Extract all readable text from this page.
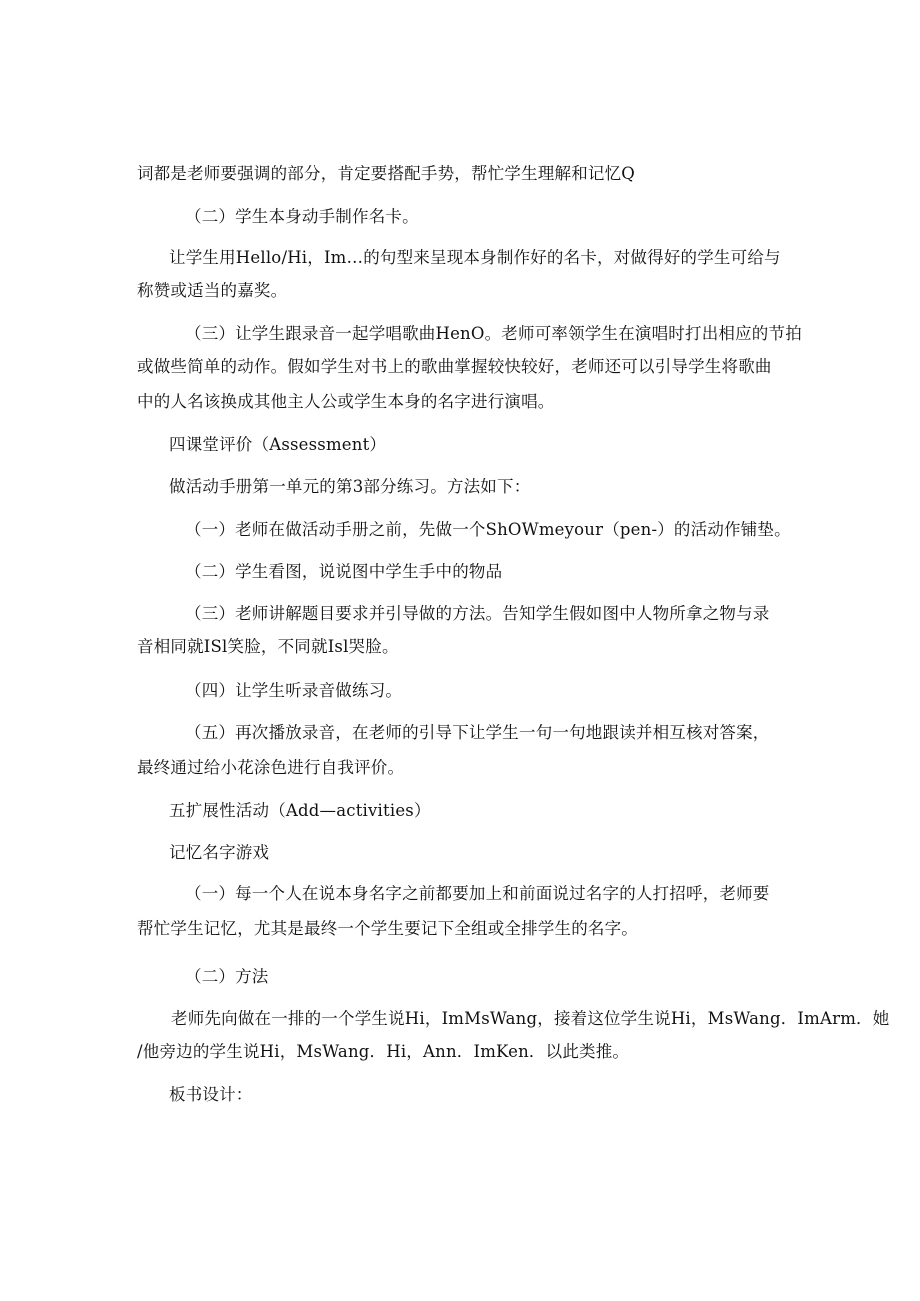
词都是老师要强调的部分，肯定要搭配手势，帮忙学生理解和记忆Q
（二）学生本身动手制作名卡。
让学生用Hello/Hi，Im…的句型来呈现本身制作好的名卡，对做得好的学生可给与
称赞或适当的嘉奖。
（三）让学生跟录音一起学唱歌曲HenO。老师可率领学生在演唱时打出相应的节拍
或做些简单的动作。假如学生对书上的歌曲掌握较快较好，老师还可以引导学生将歌曲
中的人名该换成其他主人公或学生本身的名字进行演唱。
四课堂评价（Assessment）
做活动手册第一单元的第3部分练习。方法如下：
（一）老师在做活动手册之前，先做一个ShOWmeyour（pen-）的活动作铺垫。
（二）学生看图，说说图中学生手中的物品
（三）老师讲解题目要求并引导做的方法。告知学生假如图中人物所拿之物与录
音相同就ISl笑脸，不同就Isl哭脸。
（四）让学生听录音做练习。
（五）再次播放录音，在老师的引导下让学生一句一句地跟读并相互核对答案，
最终通过给小花涂色进行自我评价。
五扩展性活动（Add—activities）
记忆名字游戏
（一）每一个人在说本身名字之前都要加上和前面说过名字的人打招呼，老师要
帮忙学生记忆，尤其是最终一个学生要记下全组或全排学生的名字。
（二）方法
老师先向做在一排的一个学生说Hi，ImMsWang，接着这位学生说Hi，MsWang．ImArm．她
/他旁边的学生说Hi，MsWang．Hi，Ann．ImKen．以此类推。
板书设计：
